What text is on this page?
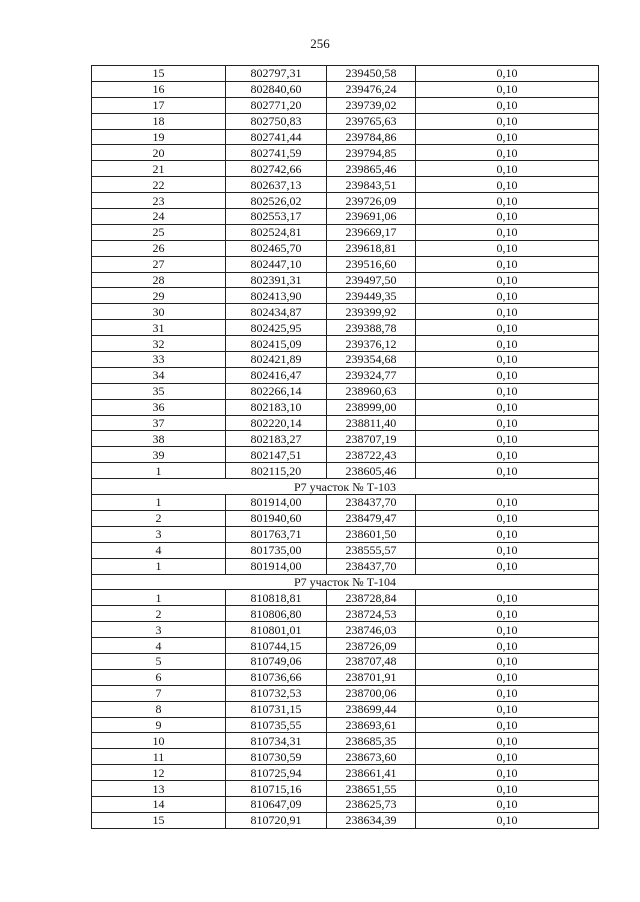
256
15	802797,31	239450,58	0,10
16	802840,60	239476,24	0,10
17	802771,20	239739,02	0,10
18	802750,83	239765,63	0,10
19	802741,44	239784,86	0,10
20	802741,59	239794,85	0,10
21	802742,66	239865,46	0,10
22	802637,13	239843,51	0,10
23	802526,02	239726,09	0,10
24	802553,17	239691,06	0,10
25	802524,81	239669,17	0,10
26	802465,70	239618,81	0,10
27	802447,10	239516,60	0,10
28	802391,31	239497,50	0,10
29	802413,90	239449,35	0,10
30	802434,87	239399,92	0,10
31	802425,95	239388,78	0,10
32	802415,09	239376,12	0,10
33	802421,89	239354,68	0,10
34	802416,47	239324,77	0,10
35	802266,14	238960,63	0,10
36	802183,10	238999,00	0,10
37	802220,14	238811,40	0,10
38	802183,27	238707,19	0,10
39	802147,51	238722,43	0,10
1	802115,20	238605,46	0,10
Р7 участок № Т-103			
1	801914,00	238437,70	0,10
2	801940,60	238479,47	0,10
3	801763,71	238601,50	0,10
4	801735,00	238555,57	0,10
1	801914,00	238437,70	0,10
Р7 участок № Т-104			
1	810818,81	238728,84	0,10
2	810806,80	238724,53	0,10
3	810801,01	238746,03	0,10
4	810744,15	238726,09	0,10
5	810749,06	238707,48	0,10
6	810736,66	238701,91	0,10
7	810732,53	238700,06	0,10
8	810731,15	238699,44	0,10
9	810735,55	238693,61	0,10
10	810734,31	238685,35	0,10
11	810730,59	238673,60	0,10
12	810725,94	238661,41	0,10
13	810715,16	238651,55	0,10
14	810647,09	238625,73	0,10
15	810720,91	238634,39	0,10
